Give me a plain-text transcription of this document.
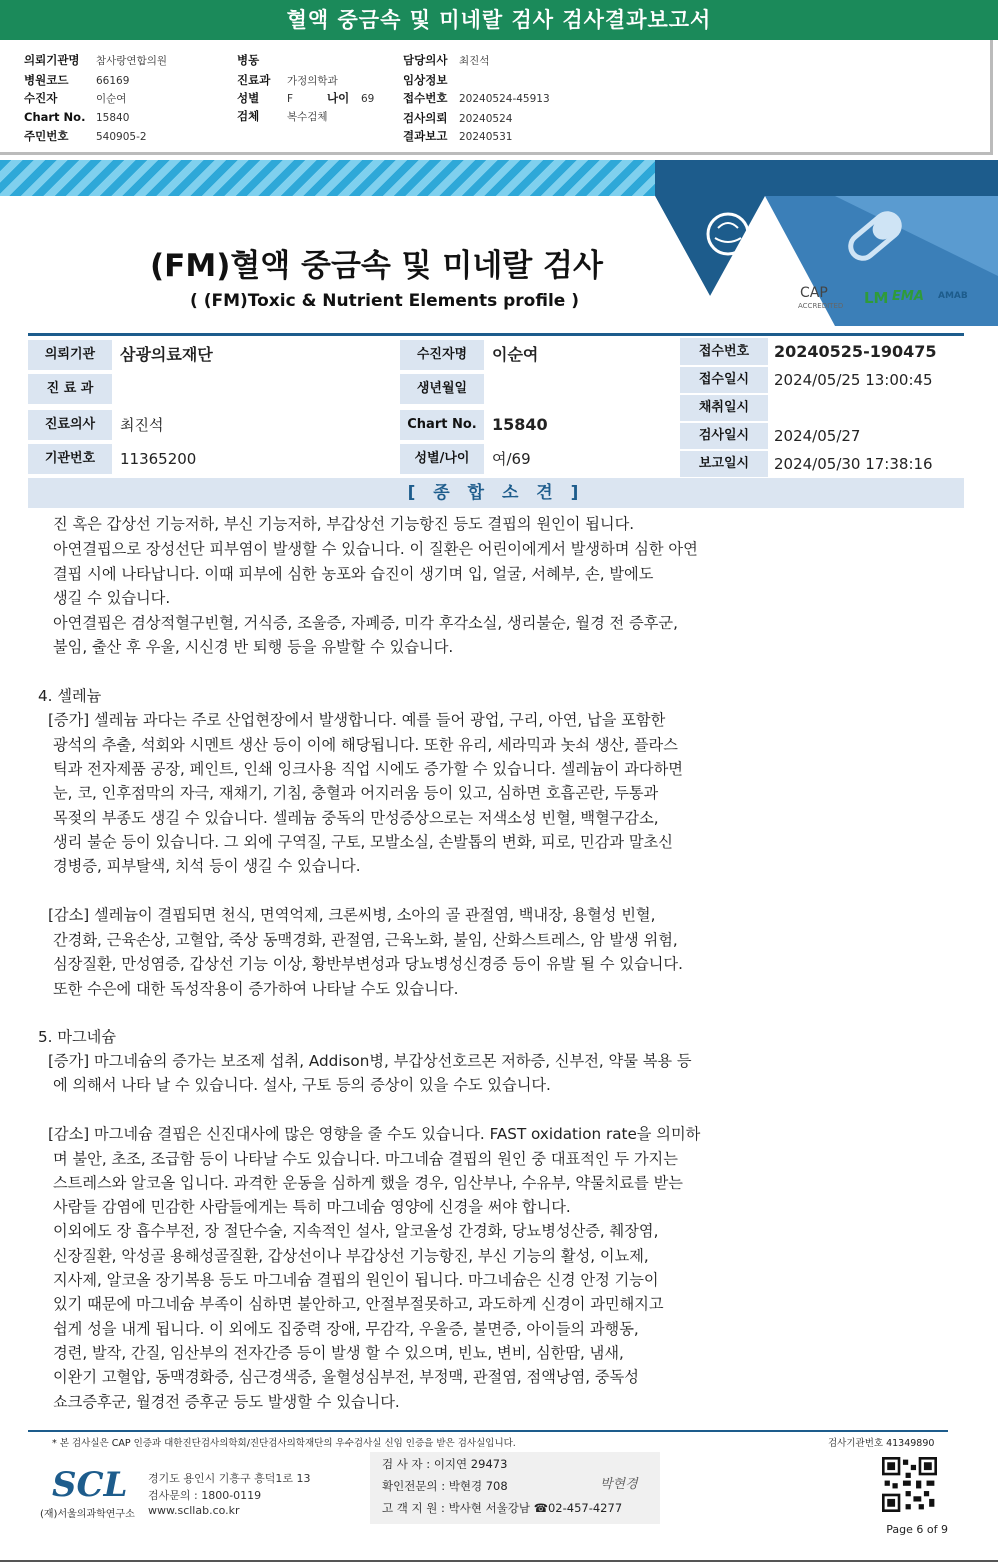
혈액 중금속 및 미네랄 검사 검사결과보고서
의뢰기관명 참사랑연합의원
병원코드	66169
수진자	이순여
Chart No. 15840
주민번호	540905-2
병동
진료과 가정의학과
성별	F	나이 69
검체	복수검체
담당의사 최진석
임상정보
접수번호 20240524-45913
검사의뢰 20240524
결과보고 20240531
(FM)혈액 중금속 및 미네랄 검사
( (FM)Toxic & Nutrient Elements profile )	CAP
ACCREDITED LM EMA AMAB
의뢰기관	삼광의료재단	수진자명	이순여
진 료 과	생년월일
진료의사	최진석	Chart No. 15840
기관번호	11365200	성별/나이	여/69
접수번호	20240525-190475
접수일시	2024/05/25 13:00:45
채취일시
검사일시	2024/05/27
보고일시	2024/05/30 17:38:16
[ 종 합 소 견 ]
진 혹은 갑상선 기능저하, 부신 기능저하, 부갑상선 기능항진 등도 결핍의 원인이 됩니다.
아연결핍으로 장성선단 피부염이 발생할 수 있습니다. 이 질환은 어린이에게서 발생하며 심한 아연
결핍 시에 나타납니다. 이때 피부에 심한 농포와 습진이 생기며 입, 얼굴, 서혜부, 손, 발에도
생길 수 있습니다.
아연결핍은 겸상적혈구빈혈, 거식증, 조울증, 자폐증, 미각 후각소실, 생리불순, 월경 전 증후군,
불임, 출산 후 우울, 시신경 반 퇴행 등을 유발할 수 있습니다.
4. 셀레늄
[증가] 셀레늄 과다는 주로 산업현장에서 발생합니다. 예를 들어 광업, 구리, 아연, 납을 포함한
광석의 추출, 석회와 시멘트 생산 등이 이에 해당됩니다. 또한 유리, 세라믹과 놋쇠 생산, 플라스
틱과 전자제품 공장, 페인트, 인쇄 잉크사용 직업 시에도 증가할 수 있습니다. 셀레늄이 과다하면
눈, 코, 인후점막의 자극, 재채기, 기침, 충혈과 어지러움 등이 있고, 심하면 호흡곤란, 두통과
목젖의 부종도 생길 수 있습니다. 셀레늄 중독의 만성증상으로는 저색소성 빈혈, 백혈구감소,
생리 불순 등이 있습니다. 그 외에 구역질, 구토, 모발소실, 손발톱의 변화, 피로, 민감과 말초신
경병증, 피부탈색, 치석 등이 생길 수 있습니다.
[감소] 셀레늄이 결핍되면 천식, 면역억제, 크론씨병, 소아의 골 관절염, 백내장, 용혈성 빈혈,
간경화, 근육손상, 고혈압, 죽상 동맥경화, 관절염, 근육노화, 불임, 산화스트레스, 암 발생 위험,
심장질환, 만성염증, 갑상선 기능 이상, 황반부변성과 당뇨병성신경증 등이 유발 될 수 있습니다.
또한 수은에 대한 독성작용이 증가하여 나타날 수도 있습니다.
5. 마그네슘
[증가] 마그네슘의 증가는 보조제 섭취, Addison병, 부갑상선호르몬 저하증, 신부전, 약물 복용 등
에 의해서 나타 날 수 있습니다. 설사, 구토 등의 증상이 있을 수도 있습니다.
[감소] 마그네슘 결핍은 신진대사에 많은 영향을 줄 수도 있습니다. FAST oxidation rate을 의미하
며 불안, 초조, 조급함 등이 나타날 수도 있습니다. 마그네슘 결핍의 원인 중 대표적인 두 가지는
스트레스와 알코올 입니다. 과격한 운동을 심하게 했을 경우, 임산부나, 수유부, 약물치료를 받는
사람들 감염에 민감한 사람들에게는 특히 마그네슘 영양에 신경을 써야 합니다.
이외에도 장 흡수부전, 장 절단수술, 지속적인 설사, 알코올성 간경화, 당뇨병성산증, 췌장염,
신장질환, 악성골 용해성골질환, 갑상선이나 부갑상선 기능항진, 부신 기능의 활성, 이뇨제,
지사제, 알코올 장기복용 등도 마그네슘 결핍의 원인이 됩니다. 마그네슘은 신경 안정 기능이
있기 때문에 마그네슘 부족이 심하면 불안하고, 안절부절못하고, 과도하게 신경이 과민해지고
쉽게 성을 내게 됩니다. 이 외에도 집중력 장애, 무감각, 우울증, 불면증, 아이들의 과행동,
경련, 발작, 간질, 임산부의 전자간증 등이 발생 할 수 있으며, 빈뇨, 변비, 심한땀, 냄새,
이완기 고혈압, 동맥경화증, 심근경색증, 울혈성심부전, 부정맥, 관절염, 점액낭염, 중독성
쇼크증후군, 월경전 증후군 등도 발생할 수 있습니다.
* 본 검사실은 CAP 인증과 대한진단검사의학회/진단검사의학재단의 우수검사실 신임 인증을 받은 검사실입니다.	검사기관번호 41349890
SCL
(재)서울의과학연구소
경기도 용인시 기흥구 흥덕1로 13
검사문의 : 1800-0119
www.scllab.co.kr
검 사 자 : 이지연 29473
확인전문의 : 박현경 708
고 객 지 원 : 박사현 서울강남 ☎02-457-4277
박현경
Page 6 of 9
